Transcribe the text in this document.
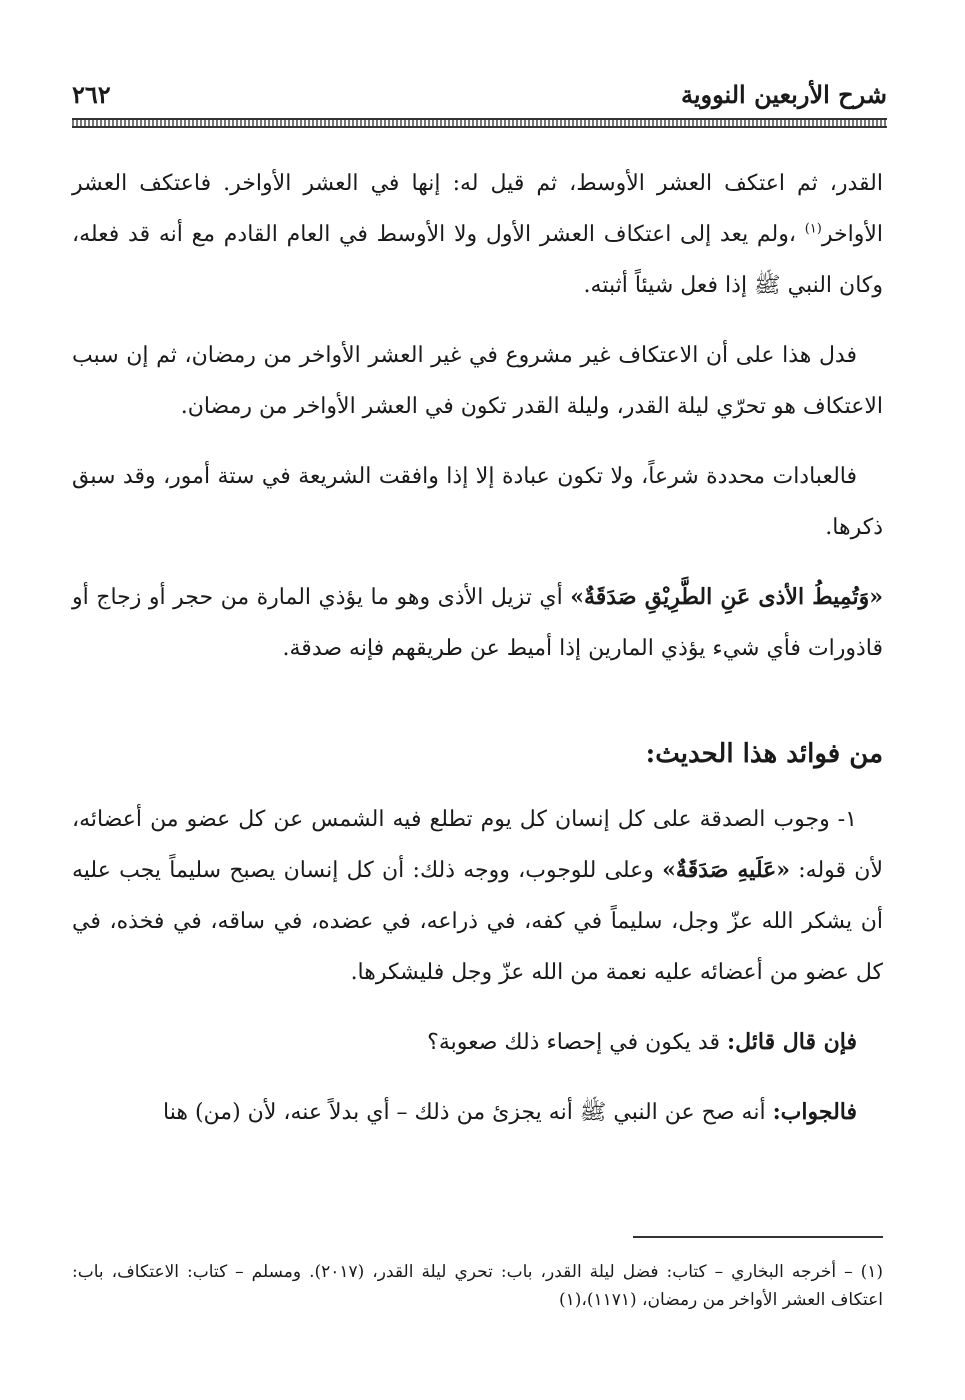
شرح الأربعين النووية
٢٦٢

القدر، ثم اعتكف العشر الأوسط، ثم قيل له: إنها في العشر الأواخر. فاعتكف العشر الأواخر$^{(١)}$ ،ولم يعد إلى اعتكاف العشر الأول ولا الأوسط في العام القادم مع أنه قد فعله، وكان النبي ﷺ إذا فعل شيئاً أثبته.

فدل هذا على أن الاعتكاف غير مشروع في غير العشر الأواخر من رمضان، ثم إن سبب الاعتكاف هو تحرّي ليلة القدر، وليلة القدر تكون في العشر الأواخر من رمضان.

فالعبادات محددة شرعاً، ولا تكون عبادة إلا إذا وافقت الشريعة في ستة أمور، وقد سبق ذكرها.

«وَتُمِيطُ الأذى عَنِ الطَّرِيْقِ صَدَقَةٌ» أي تزيل الأذى وهو ما يؤذي المارة من حجر أو زجاج أو قاذورات فأي شيء يؤذي المارين إذا أميط عن طريقهم فإنه صدقة.

من فوائد هذا الحديث:

١- وجوب الصدقة على كل إنسان كل يوم تطلع فيه الشمس عن كل عضو من أعضائه، لأن قوله: «عَلَيهِ صَدَقَةٌ» وعلى للوجوب، ووجه ذلك: أن كل إنسان يصبح سليماً يجب عليه أن يشكر الله عزّ وجل، سليماً في كفه، في ذراعه، في عضده، في ساقه، في فخذه، في كل عضو من أعضائه عليه نعمة من الله عزّ وجل فليشكرها.

فإن قال قائل: قد يكون في إحصاء ذلك صعوبة؟

فالجواب: أنه صح عن النبي ﷺ أنه يجزئ من ذلك – أي بدلاً عنه، لأن (من) هنا

(١) – أخرجه البخاري – كتاب: فضل ليلة القدر، باب: تحري ليلة القدر، (٢٠١٧). ومسلم – كتاب: الاعتكاف، باب: اعتكاف العشر الأواخر من رمضان، (١١٧١)،(١)
